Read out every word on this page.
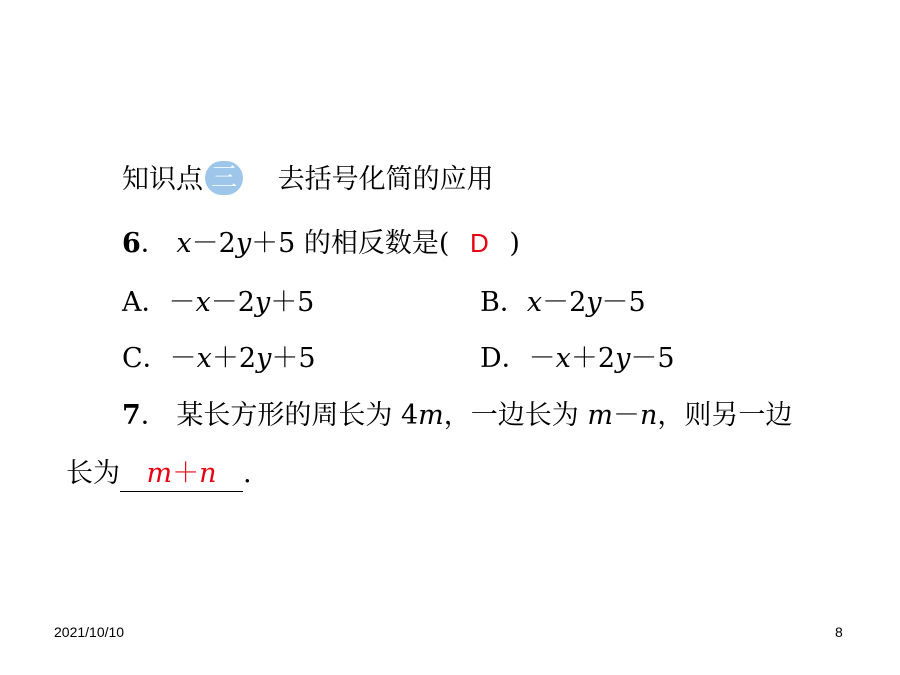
知识点 三 去括号化简的应用
6． x－2y＋5 的相反数是( D )
A．－x－2y＋5	B．x－2y－5
C．－x＋2y＋5	D．－x＋2y－5
7． 某长方形的周长为 4m，一边长为 m－n，则另一边
长为 m＋n .
2021/10/10	8
